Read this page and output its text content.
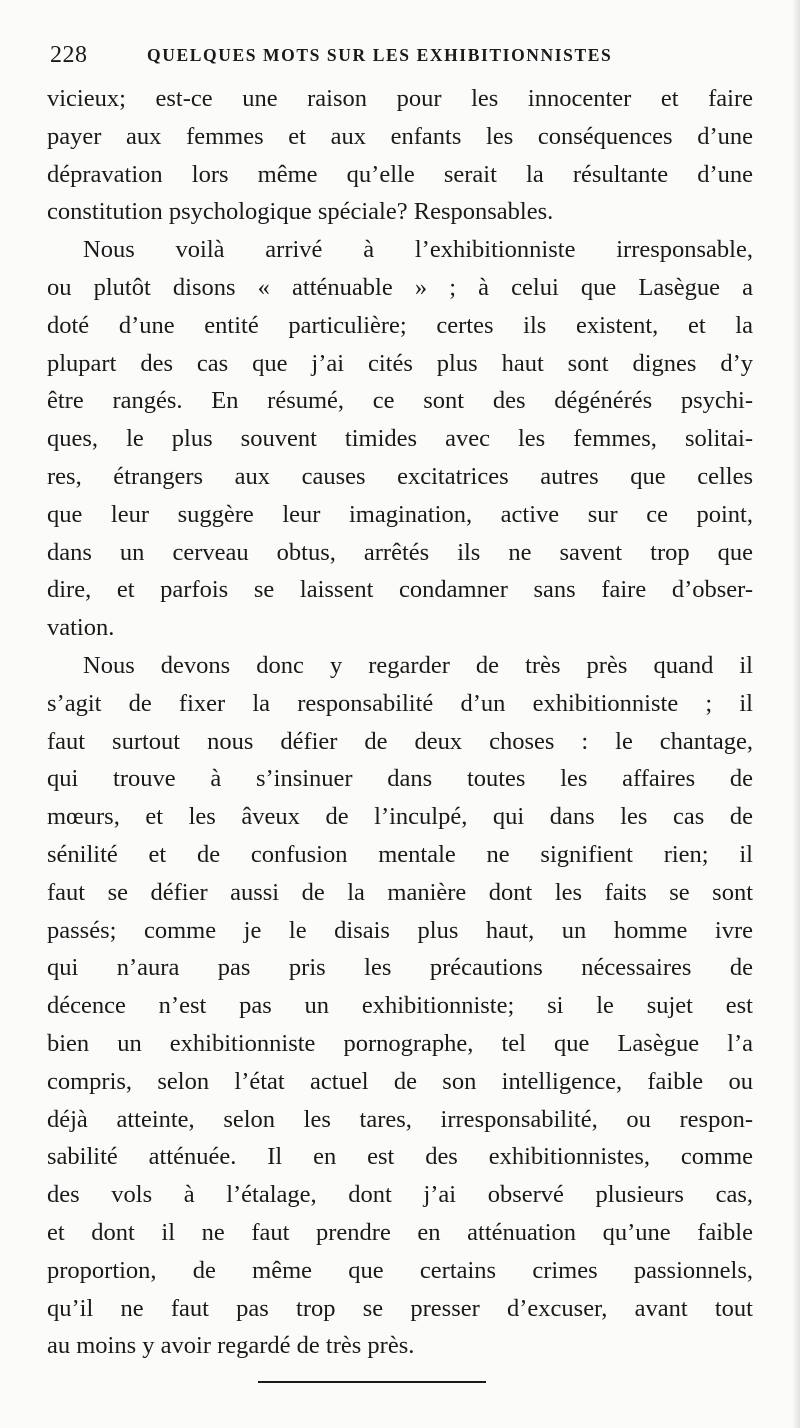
228	QUELQUES MOTS SUR LES EXHIBITIONNISTES
vicieux; est-ce une raison pour les innocenter et faire
payer aux femmes et aux enfants les conséquences d’une
dépravation lors même qu’elle serait la résultante d’une
constitution psychologique spéciale? Responsables.
Nous voilà arrivé à l’exhibitionniste irresponsable,
ou plutôt disons « atténuable » ; à celui que Lasègue a
doté d’une entité particulière; certes ils existent, et la
plupart des cas que j’ai cités plus haut sont dignes d’y
être rangés. En résumé, ce sont des dégénérés psychi-
ques, le plus souvent timides avec les femmes, solitai-
res, étrangers aux causes excitatrices autres que celles
que leur suggère leur imagination, active sur ce point,
dans un cerveau obtus, arrêtés ils ne savent trop que
dire, et parfois se laissent condamner sans faire d’obser-
vation.
Nous devons donc y regarder de très près quand il
s’agit de fixer la responsabilité d’un exhibitionniste ; il
faut surtout nous défier de deux choses : le chantage,
qui trouve à s’insinuer dans toutes les affaires de
mœurs, et les âveux de l’inculpé, qui dans les cas de
sénilité et de confusion mentale ne signifient rien; il
faut se défier aussi de la manière dont les faits se sont
passés; comme je le disais plus haut, un homme ivre
qui n’aura pas pris les précautions nécessaires de
décence n’est pas un exhibitionniste; si le sujet est
bien un exhibitionniste pornographe, tel que Lasègue l’a
compris, selon l’état actuel de son intelligence, faible ou
déjà atteinte, selon les tares, irresponsabilité, ou respon-
sabilité atténuée. Il en est des exhibitionnistes, comme
des vols à l’étalage, dont j’ai observé plusieurs cas,
et dont il ne faut prendre en atténuation qu’une faible
proportion, de même que certains crimes passionnels,
qu’il ne faut pas trop se presser d’excuser, avant tout
au moins y avoir regardé de très près.
